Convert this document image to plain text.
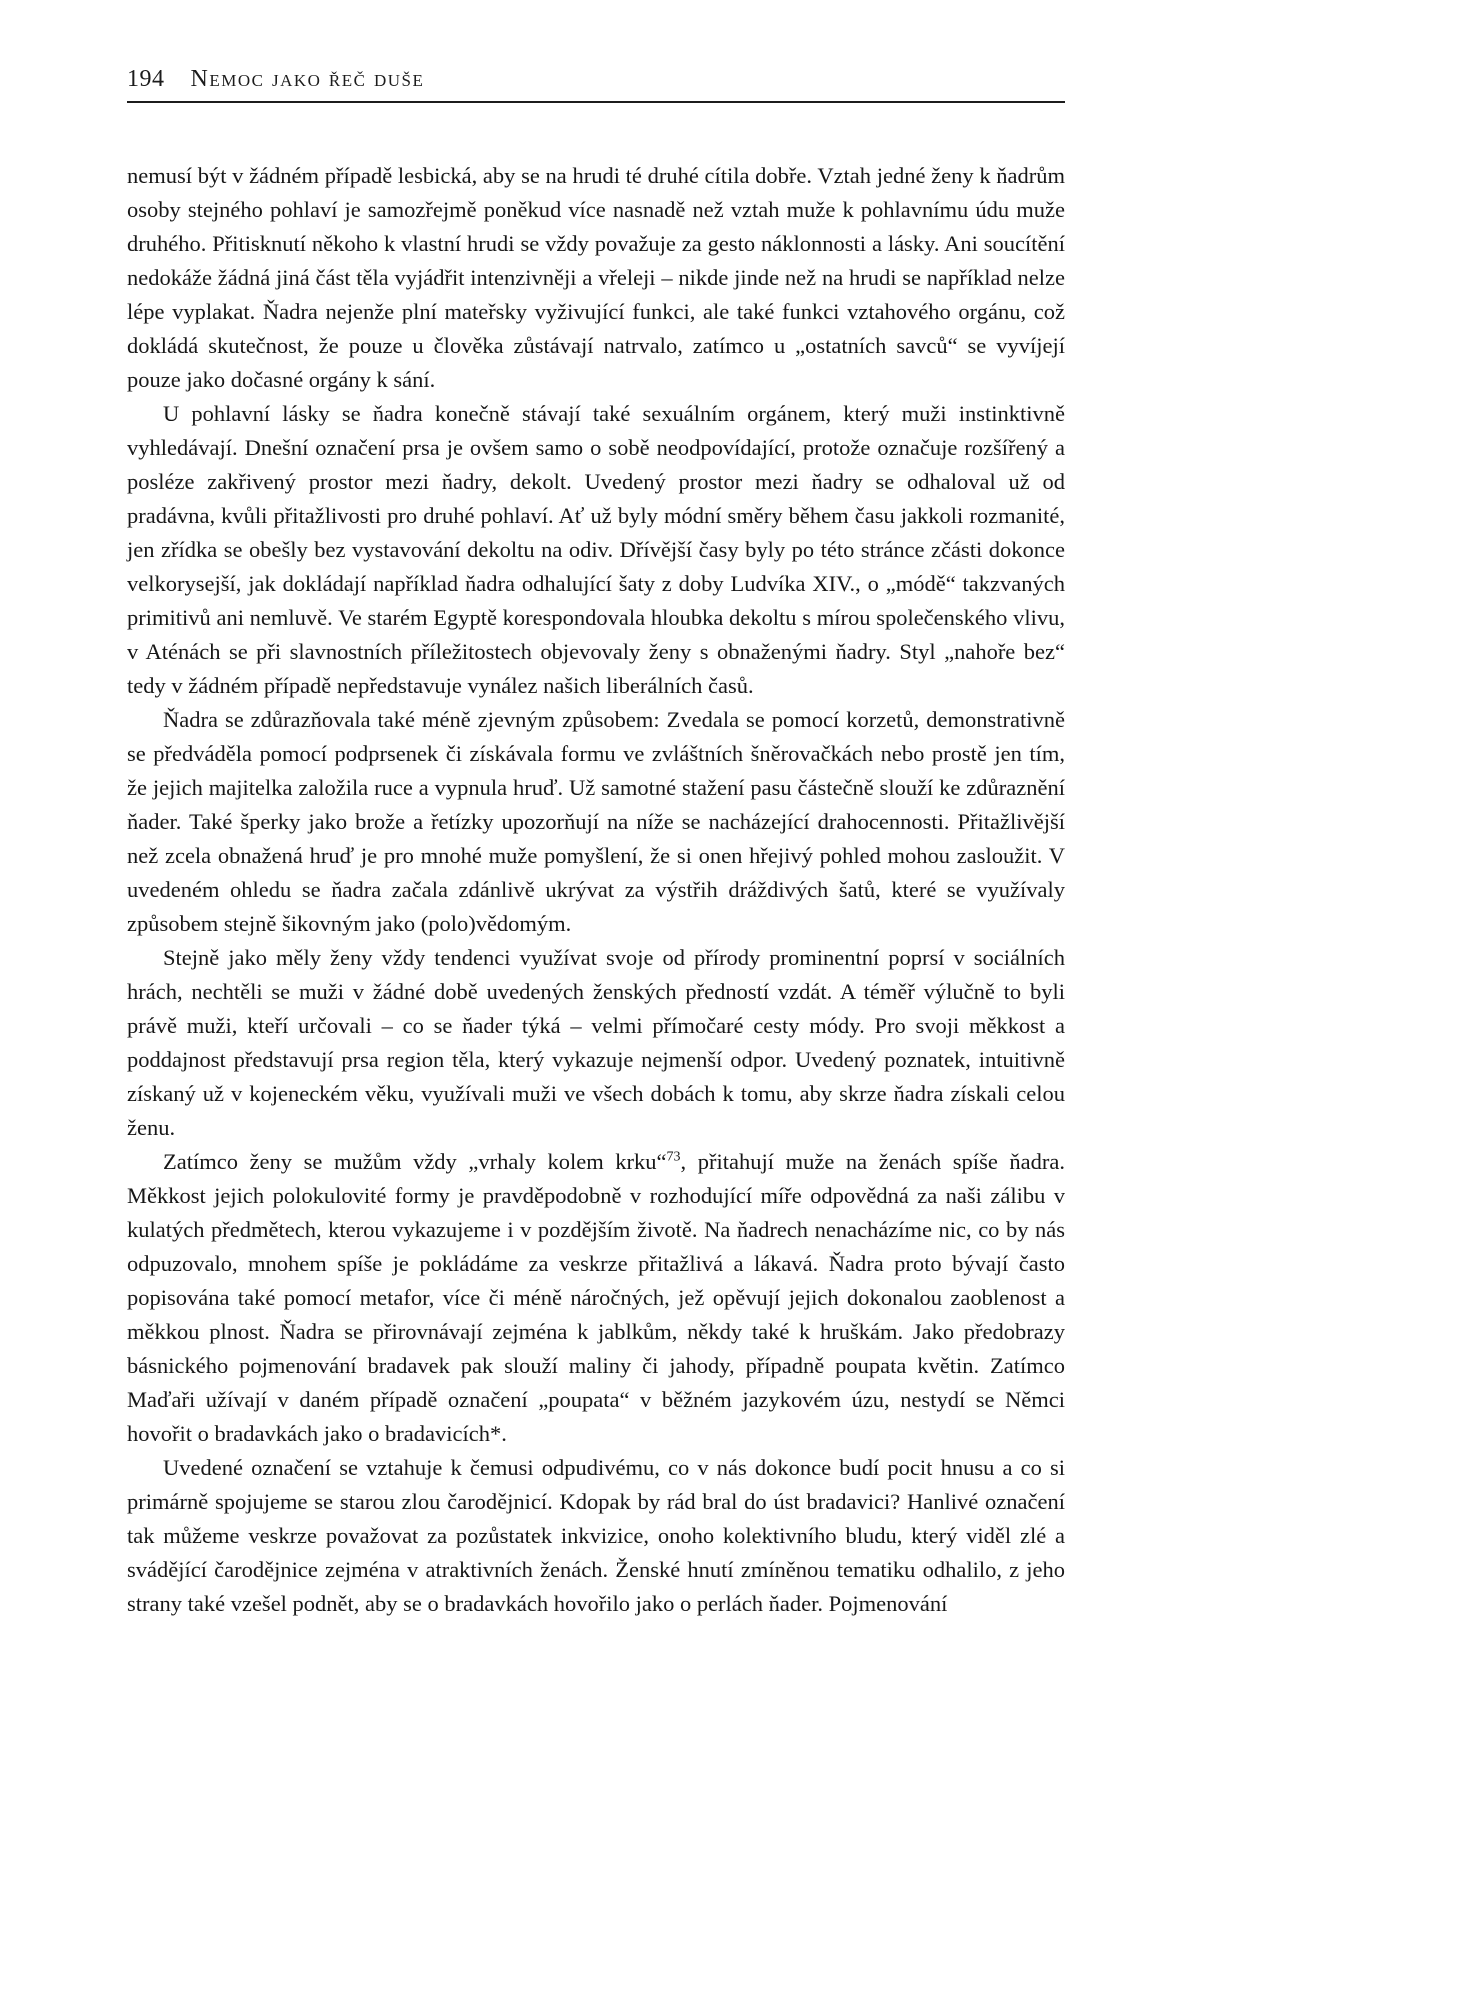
194 Nemoc jako řeč duše

nemusí být v žádném případě lesbická, aby se na hrudi té druhé cítila dobře. Vztah jedné ženy k ňadrům osoby stejného pohlaví je samozřejmě poněkud více nasnadě než vztah muže k pohlavnímu údu muže druhého. Přitisknutí někoho k vlastní hrudi se vždy považuje za gesto náklonnosti a lásky. Ani soucítění nedokáže žádná jiná část těla vyjádřit intenzivněji a vřeleji – nikde jinde než na hrudi se například nelze lépe vyplakat. Ňadra nejenže plní mateřsky vyživující funkci, ale také funkci vztahového orgánu, což dokládá skutečnost, že pouze u člověka zůstávají natrvalo, zatímco u „ostatních savců“ se vyvíjejí pouze jako dočasné orgány k sání.

U pohlavní lásky se ňadra konečně stávají také sexuálním orgánem, který muži instinktivně vyhledávají. Dnešní označení prsa je ovšem samo o sobě neodpovídající, protože označuje rozšířený a posléze zakřivený prostor mezi ňadry, dekolt. Uvedený prostor mezi ňadry se odhaloval už od pradávna, kvůli přitažlivosti pro druhé pohlaví. Ať už byly módní směry během času jakkoli rozmanité, jen zřídka se obešly bez vystavování dekoltu na odiv. Dřívější časy byly po této stránce zčásti dokonce velkorysejší, jak dokládají například ňadra odhalující šaty z doby Ludvíka XIV., o „módě“ takzvaných primitivů ani nemluvě. Ve starém Egyptě korespondovala hloubka dekoltu s mírou společenského vlivu, v Aténách se při slavnostních příležitostech objevovaly ženy s obnaženými ňadry. Styl „nahoře bez“ tedy v žádném případě nepředstavuje vynález našich liberálních časů.

Ňadra se zdůrazňovala také méně zjevným způsobem: Zvedala se pomocí korzetů, demonstrativně se předváděla pomocí podprsenek či získávala formu ve zvláštních šněrovačkách nebo prostě jen tím, že jejich majitelka založila ruce a vypnula hruď. Už samotné stažení pasu částečně slouží ke zdůraznění ňader. Také šperky jako brože a řetízky upozorňují na níže se nacházející drahocennosti. Přitažlivější než zcela obnažená hruď je pro mnohé muže pomyšlení, že si onen hřejivý pohled mohou zasloužit. V uvedeném ohledu se ňadra začala zdánlivě ukrývat za výstřih dráždivých šatů, které se využívaly způsobem stejně šikovným jako (polo)vědomým.

Stejně jako měly ženy vždy tendenci využívat svoje od přírody prominentní poprsí v sociálních hrách, nechtěli se muži v žádné době uvedených ženských předností vzdát. A téměř výlučně to byli právě muži, kteří určovali – co se ňader týká – velmi přímočaré cesty módy. Pro svoji měkkost a poddajnost představují prsa region těla, který vykazuje nejmenší odpor. Uvedený poznatek, intuitivně získaný už v kojeneckém věku, využívali muži ve všech dobách k tomu, aby skrze ňadra získali celou ženu.

Zatímco ženy se mužům vždy „vrhaly kolem krku“$^{73}$, přitahují muže na ženách spíše ňadra. Měkkost jejich polokulovité formy je pravděpodobně v rozhodující míře odpovědná za naši zálibu v kulatých předmětech, kterou vykazujeme i v pozdějším životě. Na ňadrech nenacházíme nic, co by nás odpuzovalo, mnohem spíše je pokládáme za veskrze přitažlivá a lákavá. Ňadra proto bývají často popisována také pomocí metafor, více či méně náročných, jež opěvují jejich dokonalou zaoblenost a měkkou plnost. Ňadra se přirovnávají zejména k jablkům, někdy také k hruškám. Jako předobrazy básnického pojmenování bradavek pak slouží maliny či jahody, případně poupata květin. Zatímco Maďaři užívají v daném případě označení „poupata“ v běžném jazykovém úzu, nestydí se Němci hovořit o bradavkách jako o bradavicích*.

Uvedené označení se vztahuje k čemusi odpudivému, co v nás dokonce budí pocit hnusu a co si primárně spojujeme se starou zlou čarodějnicí. Kdopak by rád bral do úst bradavici? Hanlivé označení tak můžeme veskrze považovat za pozůstatek inkvizice, onoho kolektivního bludu, který viděl zlé a svádějící čarodějnice zejména v atraktivních ženách. Ženské hnutí zmíněnou tematiku odhalilo, z jeho strany také vzešel podnět, aby se o bradavkách hovořilo jako o perlách ňader. Pojmenování
